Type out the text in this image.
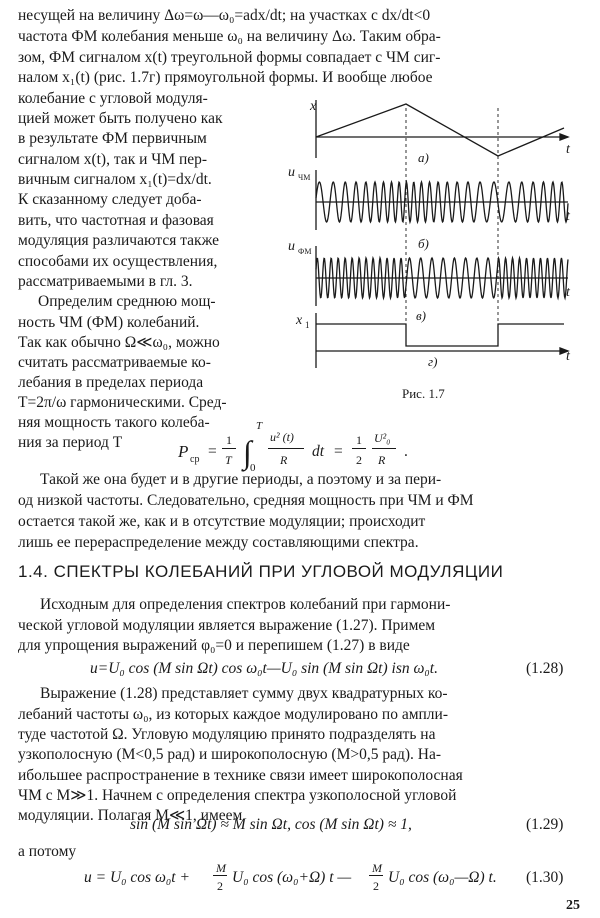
несущей на величину Δω=ω—ω₀=adx/dt; на участках с dx/dt<0
частота ФМ колебания меньше ω₀ на величину Δω. Таким обра-
зом, ФМ сигналом x(t) треугольной формы совпадает с ЧМ сиг-
налом x₁(t) (рис. 1.7г) прямоугольной формы. И вообще любое
колебание с угловой модуля-
цией может быть получено как
в результате ФМ первичным
сигналом x(t), так и ЧМ пер-
вичным сигналом x₁(t)=dx/dt.
К сказанному следует доба-
вить, что частотная и фазовая
модуляция различаются также
способами их осуществления,
рассматриваемыми в гл. 3.
Определим среднюю мощ-
ность ЧМ (ФМ) колебаний.
Так как обычно Ω≪ω₀, можно
считать рассматриваемые ко-
лебания в пределах периода
T=2π/ω гармоническими. Сред-
няя мощность такого колеба-
ния за период T
x
t
а)
u ЧМ
t
б)
u ФМ
t
в)
x 1
t
г)
Рис. 1.7
P ср =
1
T ∫
T
0
u² (t)
R dt =
1
2
U²₀
R .
Такой же она будет и в другие периоды, а поэтому и за пери-
од низкой частоты. Следовательно, средняя мощность при ЧМ и ФМ
остается такой же, как и в отсутствие модуляции; происходит
лишь ее перераспределение между составляющими спектра.
1.4. СПЕКТРЫ КОЛЕБАНИЙ ПРИ УГЛОВОЙ МОДУЛЯЦИИ
Исходным для определения спектров колебаний при гармони-
ческой угловой модуляции является выражение (1.27). Примем
для упрощения выражений φ₀=0 и перепишем (1.27) в виде
u=U₀ cos (M sin Ωt) cos ω₀t—U₀ sin (M sin Ωt) isn ω₀t.	(1.28)
Выражение (1.28) представляет сумму двух квадратурных ко-
лебаний частоты ω₀, из которых каждое модулировано по ампли-
туде частотой Ω. Угловую модуляцию принято подразделять на
узкополосную (M<0,5 рад) и широкополосную (M>0,5 рад). На-
ибольшее распространение в технике связи имеет широкополосная
ЧМ с M≫1. Начнем с определения спектра узкополосной угловой
модуляции. Полагая M≪1, имеем
sin (M sin Ωt) ≈ M sin Ωt, cos (M sin Ωt) ≈ 1,	(1.29)
а потому
u = U₀ cos ω₀t +
M
2 U₀ cos (ω₀+Ω) t —
M
2 U₀ cos (ω₀—Ω) t. (1.30)
25
